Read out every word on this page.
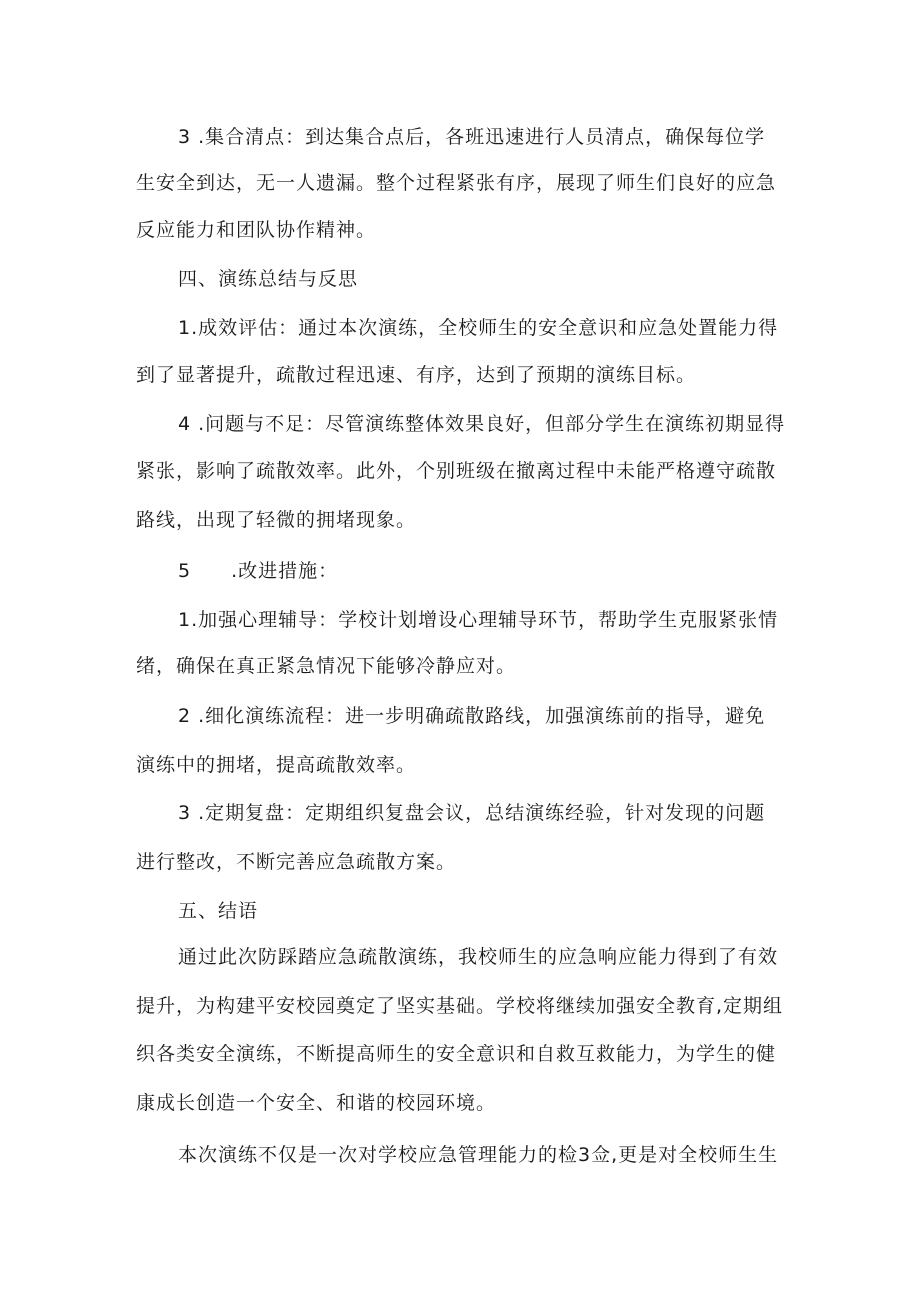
3 .集合清点：到达集合点后，各班迅速进行人员清点，确保每位学
生安全到达，无一人遗漏。整个过程紧张有序，展现了师生们良好的应急
反应能力和团队协作精神。
四、演练总结与反思
1.成效评估：通过本次演练，全校师生的安全意识和应急处置能力得
到了显著提升，疏散过程迅速、有序，达到了预期的演练目标。
4 .问题与不足：尽管演练整体效果良好，但部分学生在演练初期显得
紧张，影响了疏散效率。此外，个别班级在撤离过程中未能严格遵守疏散
路线，出现了轻微的拥堵现象。
5　　.改进措施：
1.加强心理辅导：学校计划增设心理辅导环节，帮助学生克服紧张情
绪，确保在真正紧急情况下能够冷静应对。
2 .细化演练流程：进一步明确疏散路线，加强演练前的指导，避免
演练中的拥堵，提高疏散效率。
3 .定期复盘：定期组织复盘会议，总结演练经验，针对发现的问题
进行整改，不断完善应急疏散方案。
五、结语
通过此次防踩踏应急疏散演练，我校师生的应急响应能力得到了有效
提升，为构建平安校园奠定了坚实基础。学校将继续加强安全教育,定期组
织各类安全演练，不断提高师生的安全意识和自救互救能力，为学生的健
康成长创造一个安全、和谐的校园环境。
本次演练不仅是一次对学校应急管理能力的检3佥,更是对全校师生生
